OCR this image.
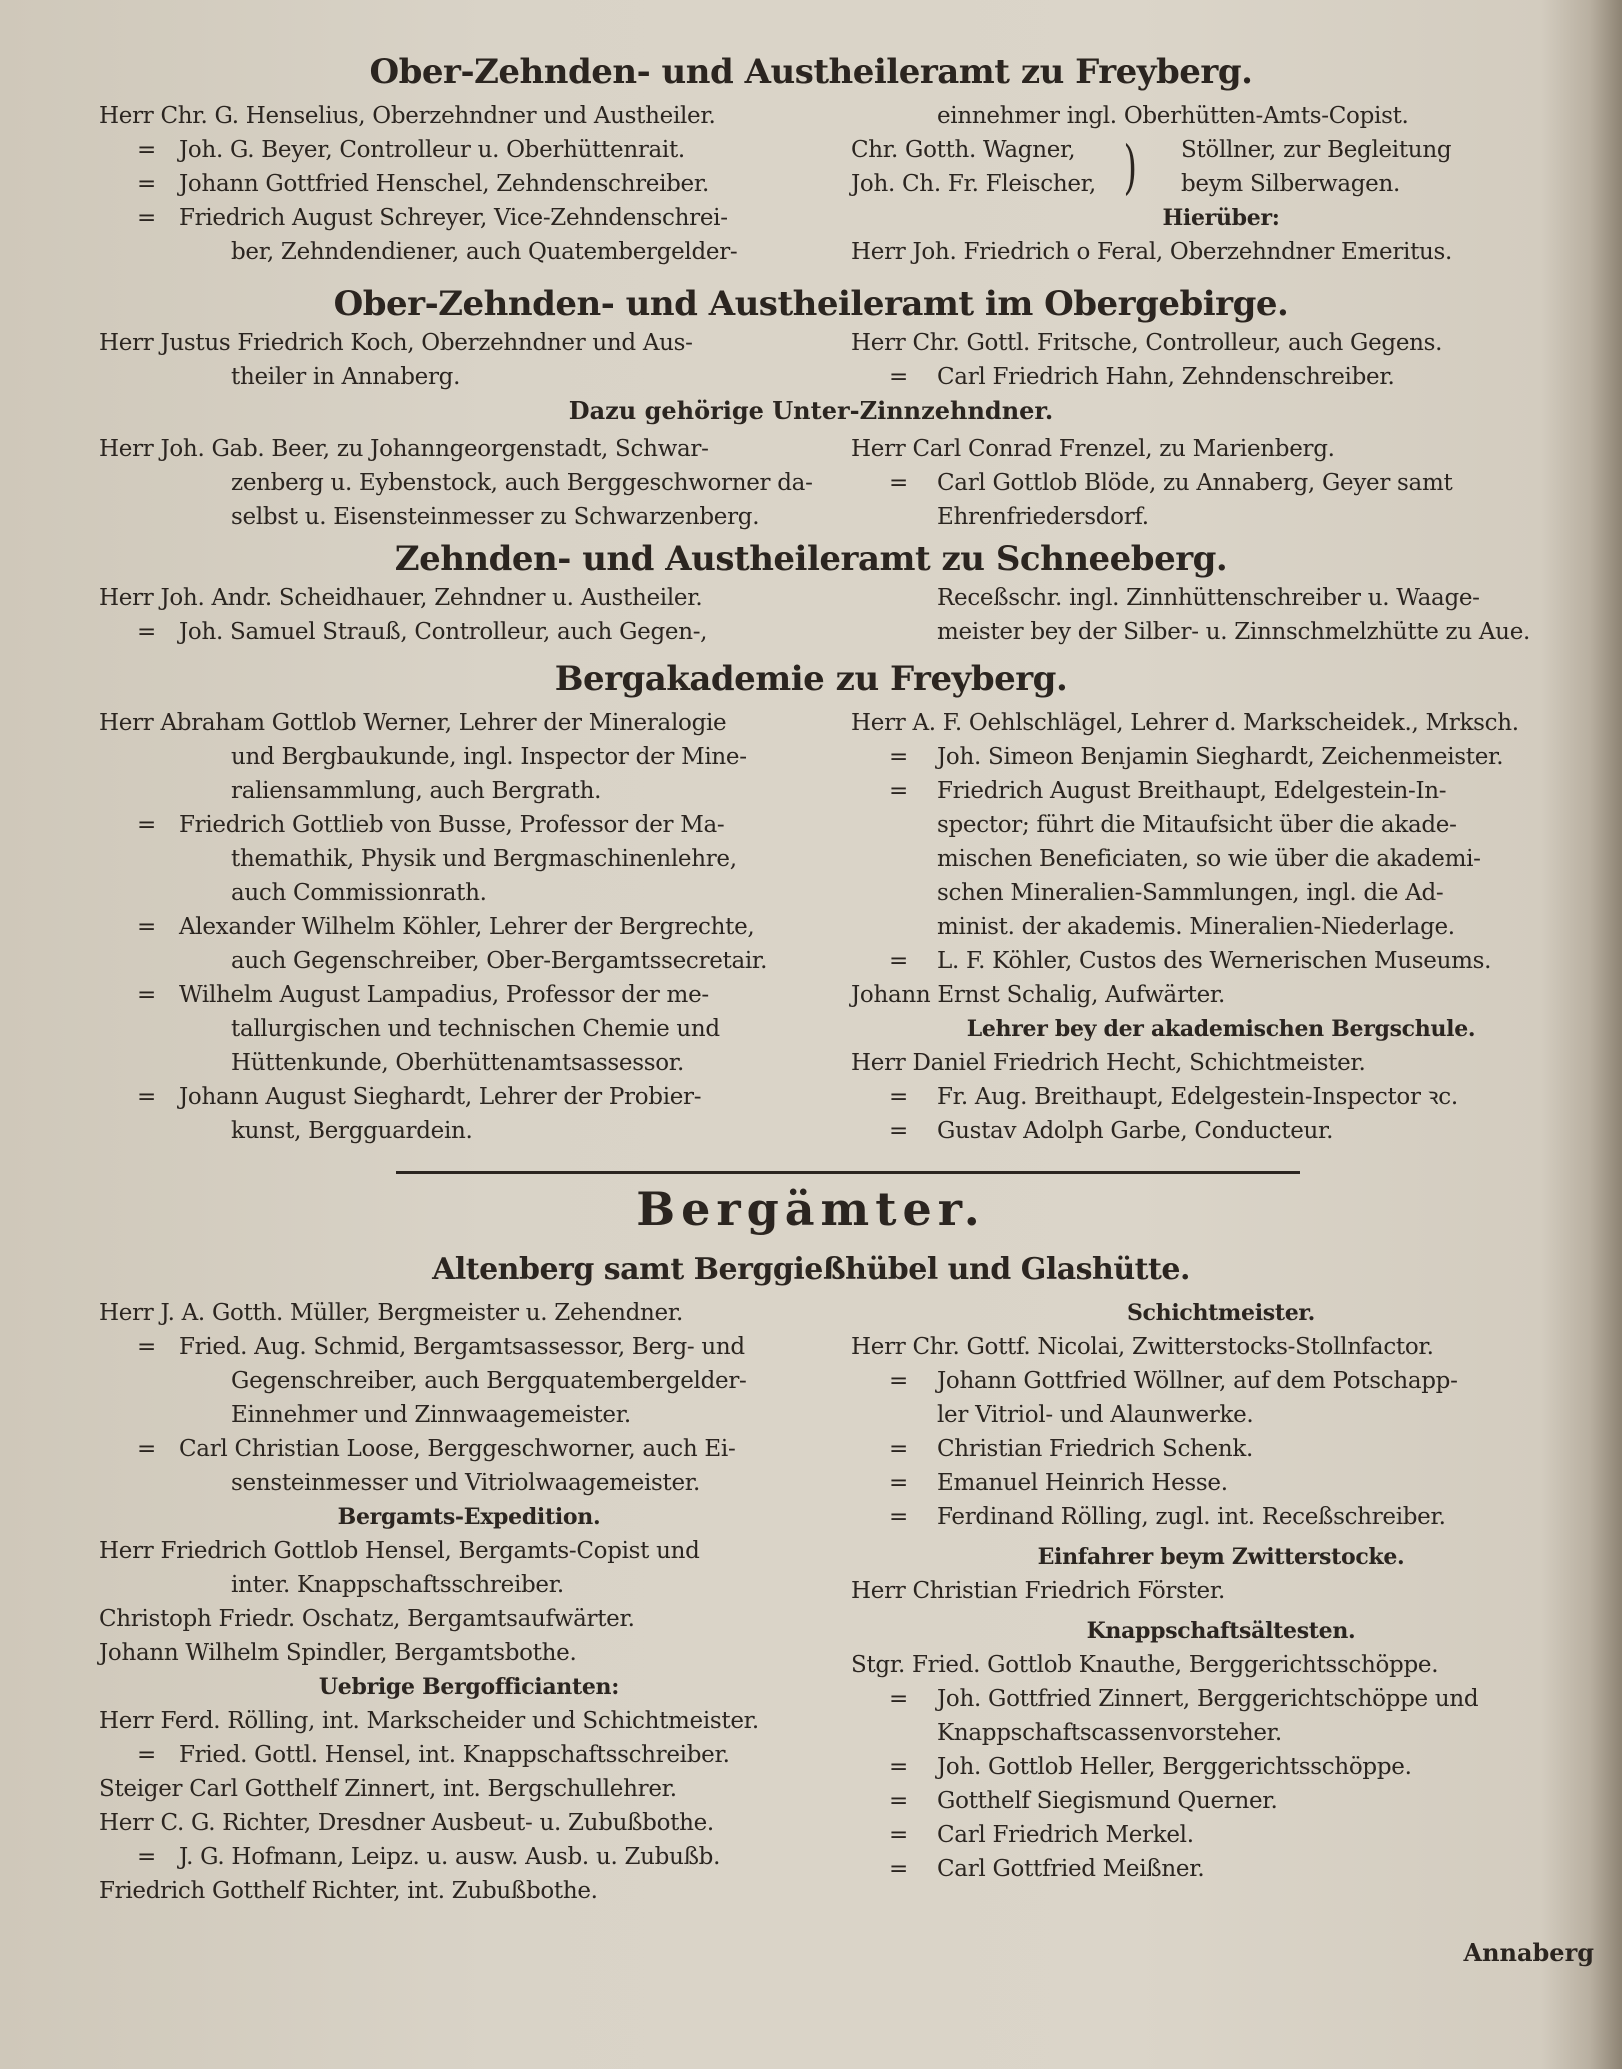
Ober-Zehnden- und Austheileramt zu Freyberg.
Herr Chr. G. Henselius, Oberzehndner und Austheiler.
= Joh. G. Beyer, Controlleur u. Oberhüttenrait.
= Johann Gottfried Henschel, Zehndenschreiber.
= Friedrich August Schreyer, Vice-Zehndenschrei-
ber, Zehndendiener, auch Quatembergelder-
einnehmer ingl. Oberhütten-Amts-Copist.
Chr. Gotth. Wagner, ) Stöllner, zur Begleitung
Joh. Ch. Fr. Fleischer,	beym Silberwagen.
Hierüber:
Herr Joh. Friedrich o Feral, Oberzehndner Emeritus.
Ober-Zehnden- und Austheileramt im Obergebirge.
Herr Justus Friedrich Koch, Oberzehndner und Aus-
theiler in Annaberg.
Herr Chr. Gottl. Fritsche, Controlleur, auch Gegens.
= Carl Friedrich Hahn, Zehndenschreiber.
Dazu gehörige Unter-Zinnzehndner.
Herr Joh. Gab. Beer, zu Johanngeorgenstadt, Schwar-
zenberg u. Eybenstock, auch Berggeschworner da-
selbst u. Eisensteinmesser zu Schwarzenberg.
Herr Carl Conrad Frenzel, zu Marienberg.
= Carl Gottlob Blöde, zu Annaberg, Geyer samt
Ehrenfriedersdorf.
Zehnden- und Austheileramt zu Schneeberg.
Herr Joh. Andr. Scheidhauer, Zehndner u. Austheiler.
= Joh. Samuel Strauß, Controlleur, auch Gegen-,
Receßschr. ingl. Zinnhüttenschreiber u. Waage-
meister bey der Silber- u. Zinnschmelzhütte zu Aue.
Bergakademie zu Freyberg.
Herr Abraham Gottlob Werner, Lehrer der Mineralogie
und Bergbaukunde, ingl. Inspector der Mine-
raliensammlung, auch Bergrath.
= Friedrich Gottlieb von Busse, Professor der Ma-
themathik, Physik und Bergmaschinenlehre,
auch Commissionrath.
= Alexander Wilhelm Köhler, Lehrer der Bergrechte,
auch Gegenschreiber, Ober-Bergamtssecretair.
= Wilhelm August Lampadius, Professor der me-
tallurgischen und technischen Chemie und
Hüttenkunde, Oberhüttenamtsassessor.
= Johann August Sieghardt, Lehrer der Probier-
kunst, Bergguardein.
Herr A. F. Oehlschlägel, Lehrer d. Markscheidek., Mrksch.
= Joh. Simeon Benjamin Sieghardt, Zeichenmeister.
= Friedrich August Breithaupt, Edelgestein-In-
spector; führt die Mitaufsicht über die akade-
mischen Beneficiaten, so wie über die akademi-
schen Mineralien-Sammlungen, ingl. die Ad-
minist. der akademis. Mineralien-Niederlage.
= L. F. Köhler, Custos des Wernerischen Museums.
Johann Ernst Schalig, Aufwärter.
Lehrer bey der akademischen Bergschule.
Herr Daniel Friedrich Hecht, Schichtmeister.
= Fr. Aug. Breithaupt, Edelgestein-Inspector ꝛc.
= Gustav Adolph Garbe, Conducteur.
Bergämter.
Altenberg samt Berggießhübel und Glashütte.
Herr J. A. Gotth. Müller, Bergmeister u. Zehendner.
= Fried. Aug. Schmid, Bergamtsassessor, Berg- und
Gegenschreiber, auch Bergquatembergelder-
Einnehmer und Zinnwaagemeister.
= Carl Christian Loose, Berggeschworner, auch Ei-
sensteinmesser und Vitriolwaagemeister.
Bergamts-Expedition.
Herr Friedrich Gottlob Hensel, Bergamts-Copist und
inter. Knappschaftsschreiber.
Christoph Friedr. Oschatz, Bergamtsaufwärter.
Johann Wilhelm Spindler, Bergamtsbothe.
Uebrige Bergofficianten:
Herr Ferd. Rölling, int. Markscheider und Schichtmeister.
= Fried. Gottl. Hensel, int. Knappschaftsschreiber.
Steiger Carl Gotthelf Zinnert, int. Bergschullehrer.
Herr C. G. Richter, Dresdner Ausbeut- u. Zubußbothe.
= J. G. Hofmann, Leipz. u. ausw. Ausb. u. Zubußb.
Friedrich Gotthelf Richter, int. Zubußbothe.
Schichtmeister.
Herr Chr. Gottf. Nicolai, Zwitterstocks-Stollnfactor.
= Johann Gottfried Wöllner, auf dem Potschapp-
ler Vitriol- und Alaunwerke.
= Christian Friedrich Schenk.
= Emanuel Heinrich Hesse.
= Ferdinand Rölling, zugl. int. Receßschreiber.
Einfahrer beym Zwitterstocke.
Herr Christian Friedrich Förster.
Knappschaftsältesten.
Stgr. Fried. Gottlob Knauthe, Berggerichtsschöppe.
= Joh. Gottfried Zinnert, Berggerichtschöppe und
Knappschaftscassenvorsteher.
= Joh. Gottlob Heller, Berggerichtsschöppe.
= Gotthelf Siegismund Querner.
= Carl Friedrich Merkel.
= Carl Gottfried Meißner.
Annaberg
